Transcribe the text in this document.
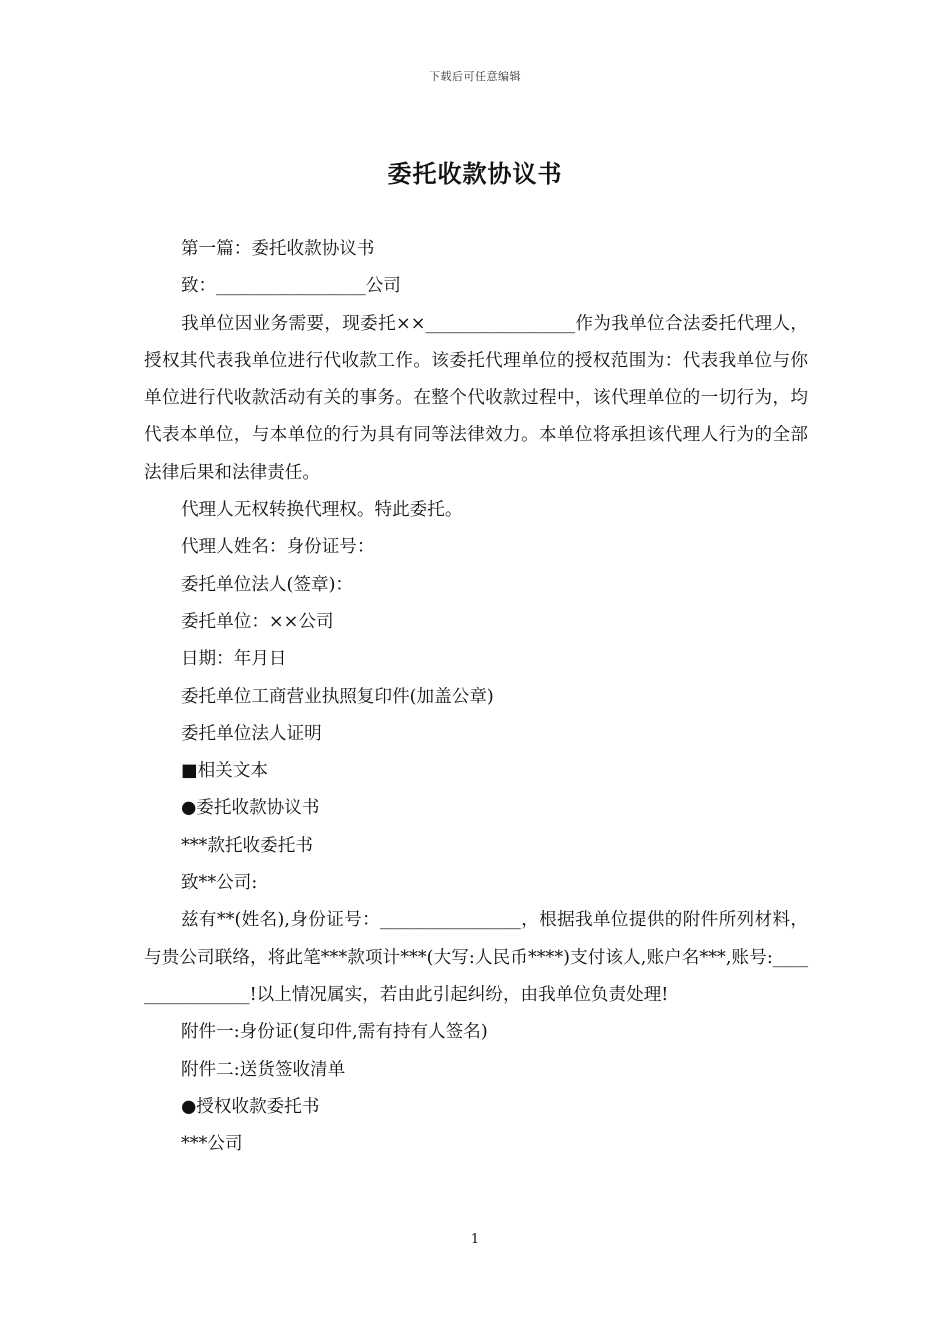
下载后可任意编辑
委托收款协议书

第一篇：委托收款协议书

致：_________________公司

我单位因业务需要，现委托××_________________作为我单位合法委托代理人，授权其代表我单位进行代收款工作。该委托代理单位的授权范围为：代表我单位与你单位进行代收款活动有关的事务。在整个代收款过程中，该代理单位的一切行为，均代表本单位，与本单位的行为具有同等法律效力。本单位将承担该代理人行为的全部法律后果和法律责任。

代理人无权转换代理权。特此委托。

代理人姓名：身份证号：

委托单位法人(签章)：

委托单位：××公司

日期：年月日

委托单位工商营业执照复印件(加盖公章)

委托单位法人证明

■相关文本

●委托收款协议书

***款托收委托书

致**公司:

兹有**(姓名),身份证号：________________，根据我单位提供的附件所列材料，与贵公司联络，将此笔***款项计***(大写:人民币****)支付该人,账户名***,账号:________________!以上情况属实，若由此引起纠纷，由我单位负责处理!

附件一:身份证(复印件,需有持有人签名)

附件二:送货签收清单

●授权收款委托书

***公司

1
